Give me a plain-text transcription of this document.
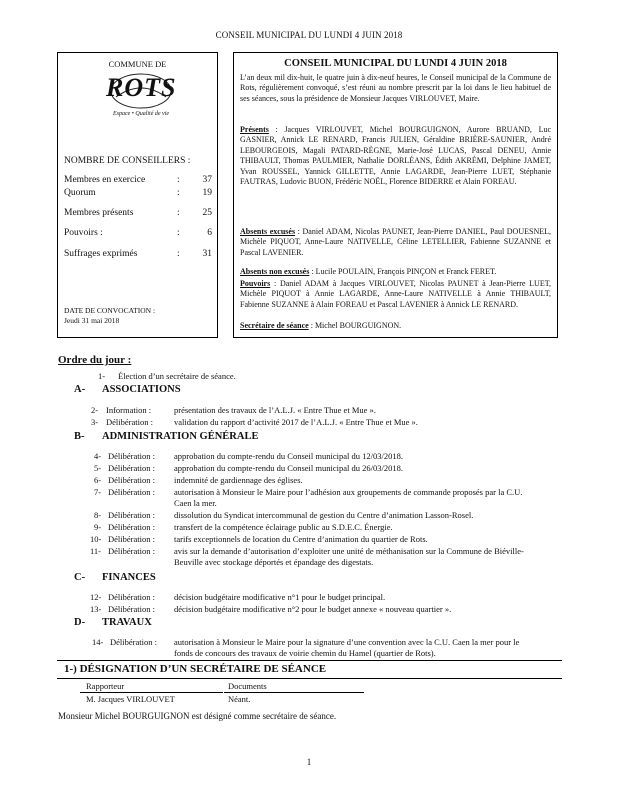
CONSEIL MUNICIPAL DU LUNDI 4 JUIN 2018
COMMUNE DE
ROTS
Espace • Qualité de vie
NOMBRE DE CONSEILLERS :
Membres en exercice	: 37
Quorum	: 19
Membres présents	: 25
Pouvoirs :	:	6
Suffrages exprimés	: 31
DATE DE CONVOCATION :
Jeudi 31 mai 2018
CONSEIL MUNICIPAL DU LUNDI 4 JUIN 2018
L’an deux mil dix-huit, le quatre juin à dix-neuf heures, le Conseil municipal de la Commune de Rots, régulièrement convoqué, s’est réuni au nombre prescrit par la loi dans le lieu habituel de ses séances, sous la présidence de Monsieur Jacques VIRLOUVET, Maire.
Présents : Jacques VIRLOUVET, Michel BOURGUIGNON, Aurore BRUAND, Luc GASNIER, Annick LE RENARD, Francis JULIEN, Géraldine BRIÈRE-SAUNIER, André LEBOURGEOIS, Magali PATARD-RÈGNE, Marie-José LUCAS, Pascal DENEU, Annie THIBAULT, Thomas PAULMIER, Nathalie DORLÉANS, Édith AKRÉMI, Delphine JAMET, Yvan ROUSSEL, Yannick GILLETTE, Annie LAGARDE, Jean-Pierre LUET, Stéphanie FAUTRAS, Ludovic BUON, Frédéric NOËL, Florence BIDERRE et Alain FOREAU.
Absents excusés : Daniel ADAM, Nicolas PAUNET, Jean-Pierre DANIEL, Paul DOUESNEL, Michèle PIQUOT, Anne-Laure NATIVELLE, Céline LETELLIER, Fabienne SUZANNE et Pascal LAVENIER.
Absents non excusés : Lucile POULAIN, François PINÇON et Franck FERET.
Pouvoirs : Daniel ADAM à Jacques VIRLOUVET, Nicolas PAUNET à Jean-Pierre LUET, Michèle PIQUOT à Annie LAGARDE, Anne-Laure NATIVELLE à Annie THIBAULT, Fabienne SUZANNE à Alain FOREAU et Pascal LAVENIER à Annick LE RENARD.
Secrétaire de séance : Michel BOURGUIGNON.
Ordre du jour :
1- Élection d’un secrétaire de séance.
A- ASSOCIATIONS
2- Information :	présentation des travaux de l’A.L.J. « Entre Thue et Mue ».
3- Délibération : validation du rapport d’activité 2017 de l’A.L.J. « Entre Thue et Mue ».
B- ADMINISTRATION GÉNÉRALE
4- Délibération : approbation du compte-rendu du Conseil municipal du 12/03/2018.
5- Délibération : approbation du compte-rendu du Conseil municipal du 26/03/2018.
6- Délibération : indemnité de gardiennage des églises.
7- Délibération : autorisation à Monsieur le Maire pour l’adhésion aux groupements de commande proposés par la C.U.
Caen la mer.
8- Délibération : dissolution du Syndicat intercommunal de gestion du Centre d’animation Lasson-Rosel.
9- Délibération : transfert de la compétence éclairage public au S.D.E.C. Énergie.
10- Délibération : tarifs exceptionnels de location du Centre d’animation du quartier de Rots.
11- Délibération : avis sur la demande d’autorisation d’exploiter une unité de méthanisation sur la Commune de Biéville-
Beuville avec stockage déportés et épandage des digestats.
C- FINANCES
12- Délibération : décision budgétaire modificative n°1 pour le budget principal.
13- Délibération : décision budgétaire modificative n°2 pour le budget annexe « nouveau quartier ».
D- TRAVAUX
14- Délibération : autorisation à Monsieur le Maire pour la signature d’une convention avec la C.U. Caen la mer pour le
fonds de concours des travaux de voirie chemin du Hamel (quartier de Rots).
1-) DÉSIGNATION D’UN SECRÉTAIRE DE SÉANCE
Rapporteur	Documents
M. Jacques VIRLOUVET	Néant.
Monsieur Michel BOURGUIGNON est désigné comme secrétaire de séance.
1
